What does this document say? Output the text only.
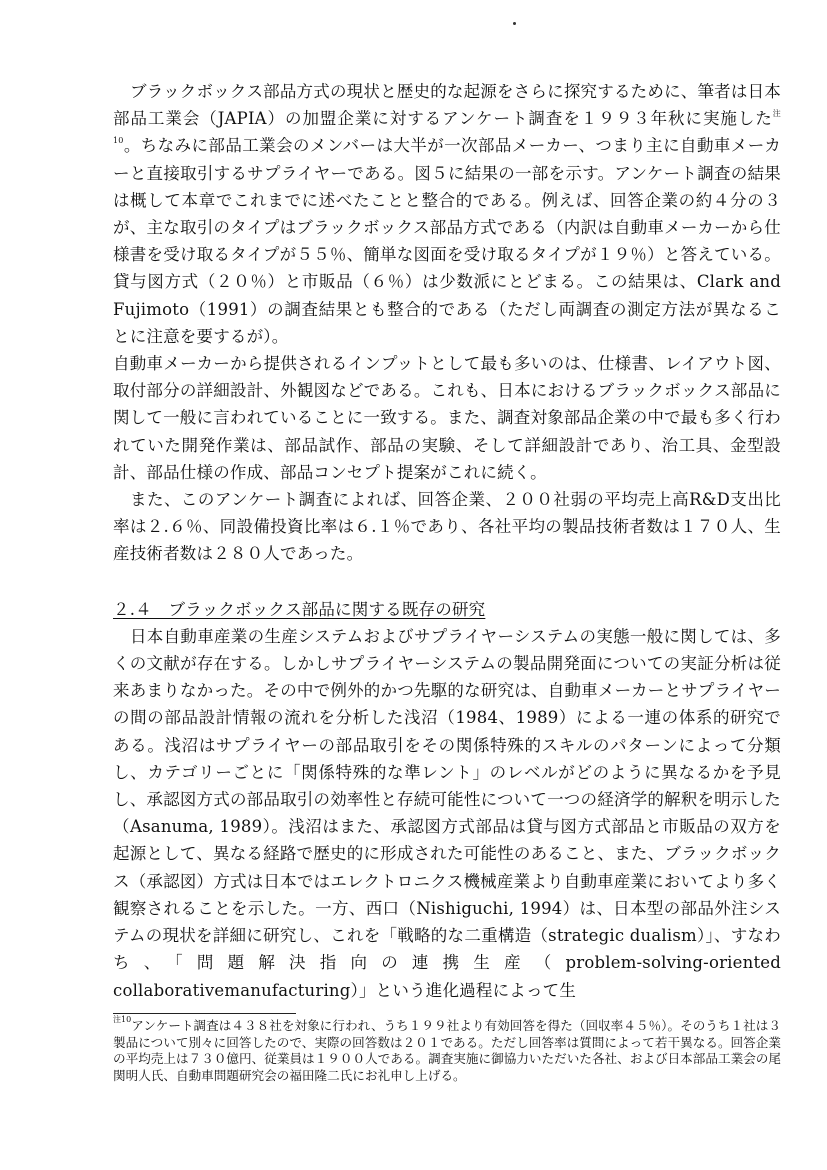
ブラックボックス部品方式の現状と歴史的な起源をさらに探究するために、筆者は日本部品工業会（JAPIA）の加盟企業に対するアンケート調査を１９９３年秋に実施した$^{注10}$。ちなみに部品工業会のメンバーは大半が一次部品メーカー、つまり主に自動車メーカーと直接取引するサプライヤーである。図５に結果の一部を示す。アンケート調査の結果は概して本章でこれまでに述べたことと整合的である。例えば、回答企業の約４分の３が、主な取引のタイプはブラックボックス部品方式である（内訳は自動車メーカーから仕様書を受け取るタイプが５５％、簡単な図面を受け取るタイプが１９％）と答えている。貸与図方式（２０％）と市販品（６％）は少数派にとどまる。この結果は、Clark and Fujimoto（1991）の調査結果とも整合的である（ただし両調査の測定方法が異なることに注意を要するが）。

自動車メーカーから提供されるインプットとして最も多いのは、仕様書、レイアウト図、取付部分の詳細設計、外観図などである。これも、日本におけるブラックボックス部品に関して一般に言われていることに一致する。また、調査対象部品企業の中で最も多く行われていた開発作業は、部品試作、部品の実験、そして詳細設計であり、治工具、金型設計、部品仕様の作成、部品コンセプト提案がこれに続く。

また、このアンケート調査によれば、回答企業、２００社弱の平均売上高R&D支出比率は２.６％、同設備投資比率は６.１％であり、各社平均の製品技術者数は１７０人、生産技術者数は２８０人であった。

２.４　ブラックボックス部品に関する既存の研究

日本自動車産業の生産システムおよびサプライヤーシステムの実態一般に関しては、多くの文献が存在する。しかしサプライヤーシステムの製品開発面についての実証分析は従来あまりなかった。その中で例外的かつ先駆的な研究は、自動車メーカーとサプライヤーの間の部品設計情報の流れを分析した浅沼（1984、1989）による一連の体系的研究である。浅沼はサプライヤーの部品取引をその関係特殊的スキルのパターンによって分類し、カテゴリーごとに「関係特殊的な準レント」のレベルがどのように異なるかを予見し、承認図方式の部品取引の効率性と存続可能性について一つの経済学的解釈を明示した（Asanuma, 1989）。浅沼はまた、承認図方式部品は貸与図方式部品と市販品の双方を起源として、異なる経路で歴史的に形成された可能性のあること、また、ブラックボックス（承認図）方式は日本ではエレクトロニクス機械産業より自動車産業においてより多く観察されることを示した。一方、西口（Nishiguchi, 1994）は、日本型の部品外注システムの現状を詳細に研究し、これを「戦略的な二重構造（strategic dualism）」、すなわち、「問題解決指向の連携生産（problem-solving-oriented collaborativemanufacturing）」という進化過程によって生

$^{注10}$アンケート調査は４３８社を対象に行われ、うち１９９社より有効回答を得た（回収率４５％）。そのうち１社は３製品について別々に回答したので、実際の回答数は２０１である。ただし回答率は質問によって若干異なる。回答企業の平均売上は７３０億円、従業員は１９００人である。調査実施に御協力いただいた各社、および日本部品工業会の尾関明人氏、自動車問題研究会の福田隆二氏にお礼申し上げる。
